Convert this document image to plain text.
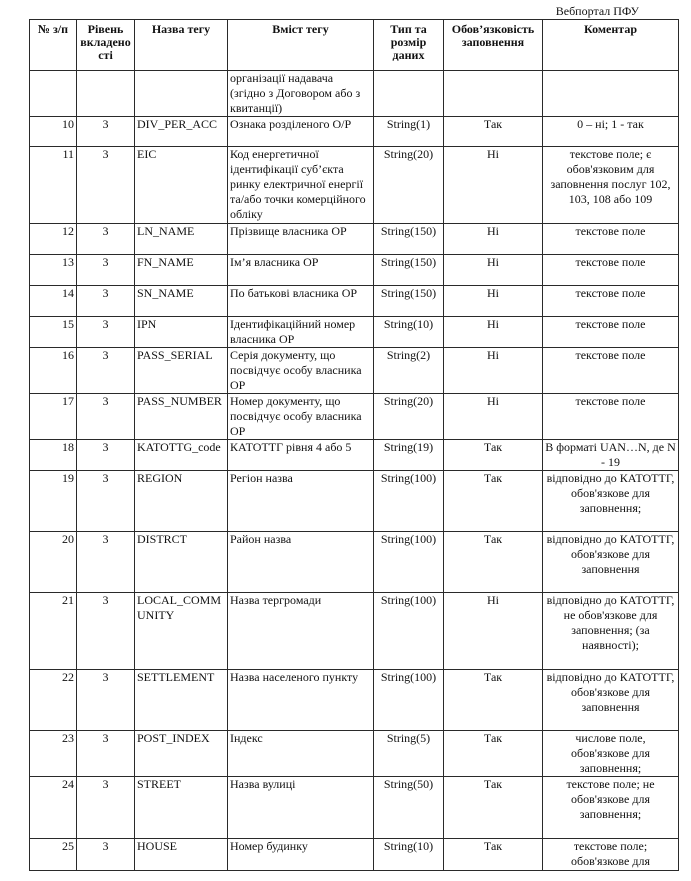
Вебпортал ПФУ
№ з/п	Рівень вкладеності	Назва тегу	Вміст тегу	Тип та розмір даних	Обов’язковість заповнення	Коментар
			організації надавача (згідно з Договором або з квитанції)			
10	3	DIV_PER_ACC	Ознака розділеного О/Р	String(1)	Так	0 – ні; 1 - так
11	3	EIC	Код енергетичної ідентифікації суб’єкта ринку електричної енергії та/або точки комерційного обліку	String(20)	Ні	текстове поле; є обов'язковим для заповнення послуг 102, 103, 108 або 109
12	3	LN_NAME	Прізвище власника ОР	String(150)	Ні	текстове поле
13	3	FN_NAME	Ім’я власника ОР	String(150)	Ні	текстове поле
14	3	SN_NAME	По батькові власника ОР	String(150)	Ні	текстове поле
15	3	IPN	Ідентифікаційний номер власника ОР	String(10)	Ні	текстове поле
16	3	PASS_SERIAL	Серія документу, що посвідчує особу власника ОР	String(2)	Ні	текстове поле
17	3	PASS_NUMBER	Номер документу, що посвідчує особу власника ОР	String(20)	Ні	текстове поле
18	3	KATOTTG_code	КАТОТТГ рівня 4 або 5	String(19)	Так	В форматі UAN…N, де N - 19
19	3	REGION	Регіон назва	String(100)	Так	відповідно до КАТОТТГ, обов'язкове для заповнення;
20	3	DISTRCT	Район назва	String(100)	Так	відповідно до КАТОТТГ, обов'язкове для заповнення
21	3	LOCAL_COMMUNITY	Назва тергромади	String(100)	Ні	відповідно до КАТОТТГ, не обов'язкове для заповнення; (за наявності);
22	3	SETTLEMENT	Назва населеного пункту	String(100)	Так	відповідно до КАТОТТГ, обов'язкове для заповнення
23	3	POST_INDEX	Індекс	String(5)	Так	числове поле, обов'язкове для заповнення;
24	3	STREET	Назва вулиці	String(50)	Так	текстове поле; не обов'язкове для заповнення;
25	3	HOUSE	Номер будинку	String(10)	Так	текстове поле; обов'язкове для
